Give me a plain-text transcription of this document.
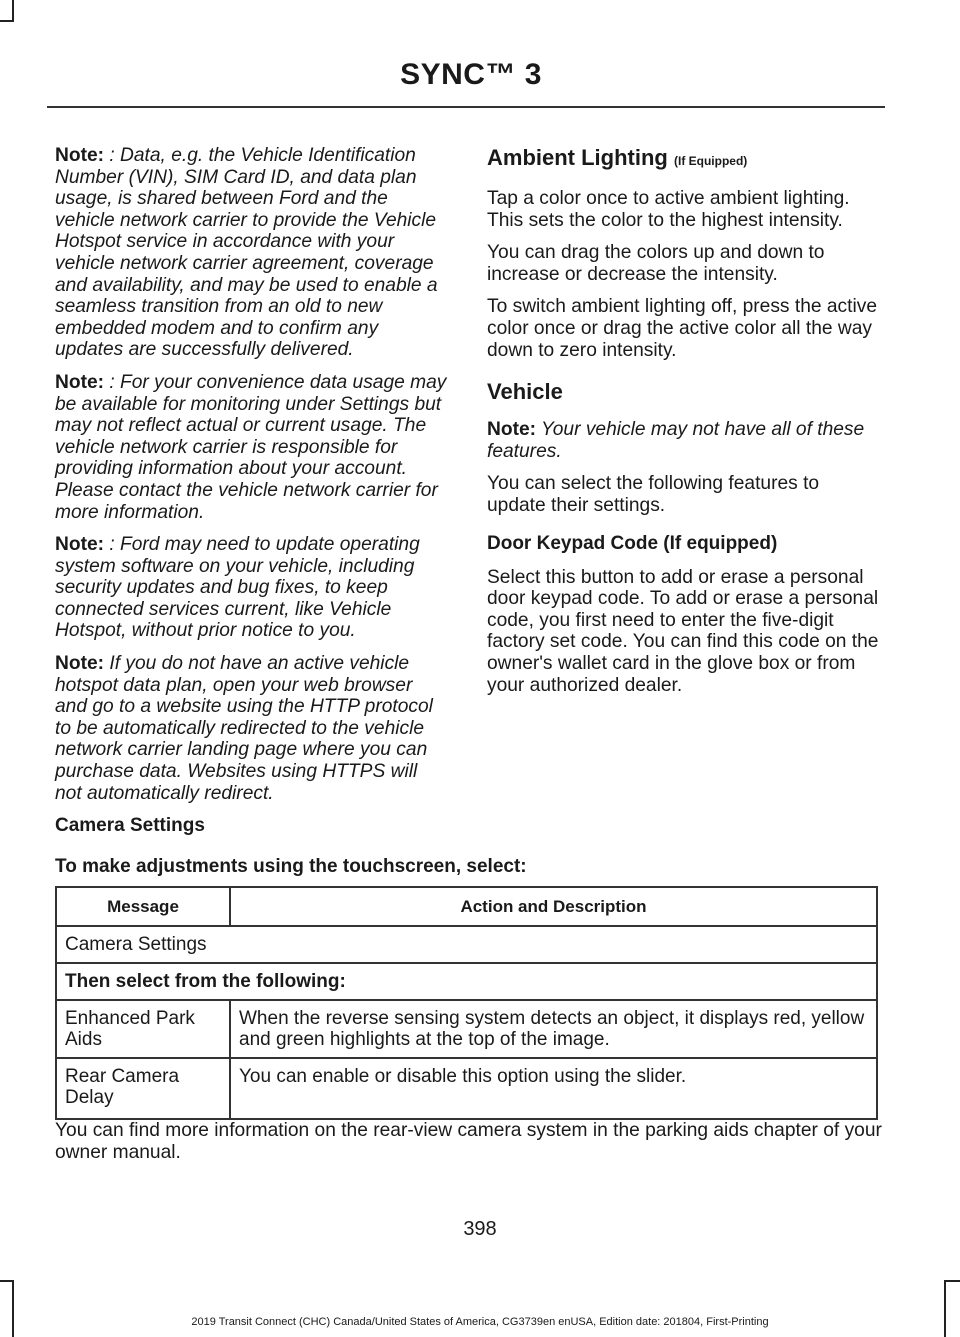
SYNC™ 3

Note: : Data, e.g. the Vehicle Identification Number (VIN), SIM Card ID, and data plan usage, is shared between Ford and the vehicle network carrier to provide the Vehicle Hotspot service in accordance with your vehicle network carrier agreement, coverage and availability, and may be used to enable a seamless transition from an old to new embedded modem and to confirm any updates are successfully delivered.

Note: : For your convenience data usage may be available for monitoring under Settings but may not reflect actual or current usage. The vehicle network carrier is responsible for providing information about your account. Please contact the vehicle network carrier for more information.

Note: : Ford may need to update operating system software on your vehicle, including security updates and bug fixes, to keep connected services current, like Vehicle Hotspot, without prior notice to you.

Note: If you do not have an active vehicle hotspot data plan, open your web browser and go to a website using the HTTP protocol to be automatically redirected to the vehicle network carrier landing page where you can purchase data. Websites using HTTPS will not automatically redirect.

Ambient Lighting (If Equipped)

Tap a color once to active ambient lighting. This sets the color to the highest intensity.

You can drag the colors up and down to increase or decrease the intensity.

To switch ambient lighting off, press the active color once or drag the active color all the way down to zero intensity.

Vehicle

Note: Your vehicle may not have all of these features.

You can select the following features to update their settings.

Door Keypad Code (If equipped)

Select this button to add or erase a personal door keypad code. To add or erase a personal code, you first need to enter the five-digit factory set code. You can find this code on the owner's wallet card in the glove box or from your authorized dealer.

Camera Settings
To make adjustments using the touchscreen, select:
Message	Action and Description
Camera Settings	
Then select from the following:	
Enhanced Park Aids	When the reverse sensing system detects an object, it displays red, yellow and green highlights at the top of the image.
Rear Camera Delay	You can enable or disable this option using the slider.
You can find more information on the rear-view camera system in the parking aids chapter of your owner manual.
398
2019 Transit Connect (CHC) Canada/United States of America, CG3739en enUSA, Edition date: 201804, First-Printing
